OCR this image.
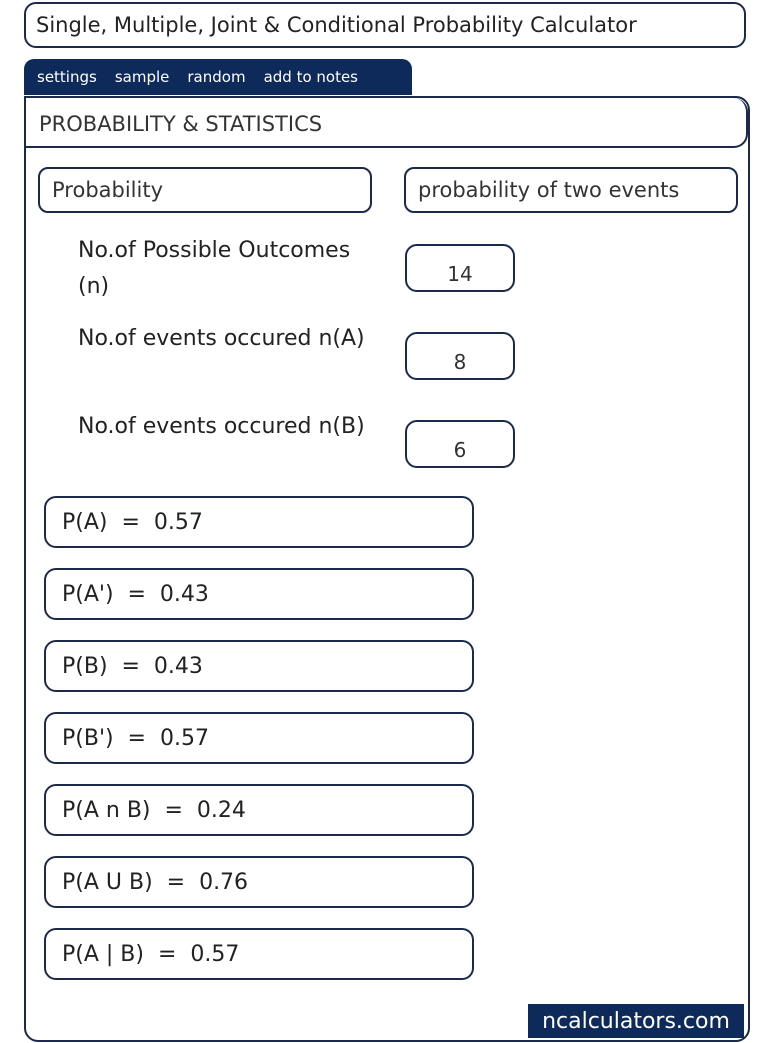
Single, Multiple, Joint & Conditional Probability Calculator
settings	sample	random	add to notes
PROBABILITY & STATISTICS
Probability	probability of two events
No.of Possible Outcomes (n)
14
No.of events occured n(A)
8
No.of events occured n(B)
6
P(A)  =  0.57
P(A')  =  0.43
P(B)  =  0.43
P(B')  =  0.57
P(A n B)  =  0.24
P(A U B)  =  0.76
P(A | B)  =  0.57
ncalculators.com
